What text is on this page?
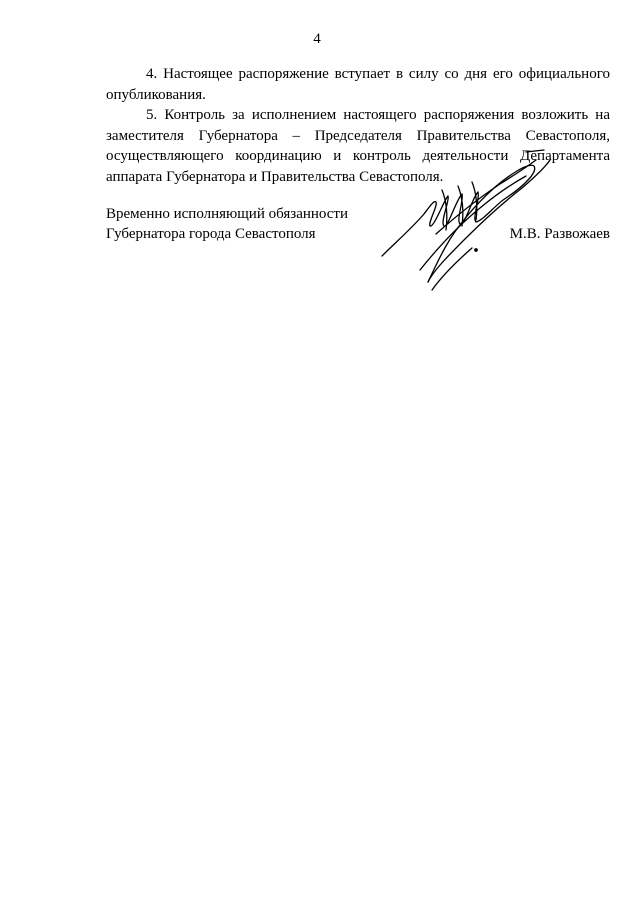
4

4. Настоящее распоряжение вступает в силу со дня его официального опубликования.

5. Контроль за исполнением настоящего распоряжения возложить на заместителя Губернатора – Председателя Правительства Севастополя, осуществляющего координацию и контроль деятельности Департамента аппарата Губернатора и Правительства Севастополя.

Временно исполняющий обязанности
Губернатора города Севастополя	М.В. Развожаев
